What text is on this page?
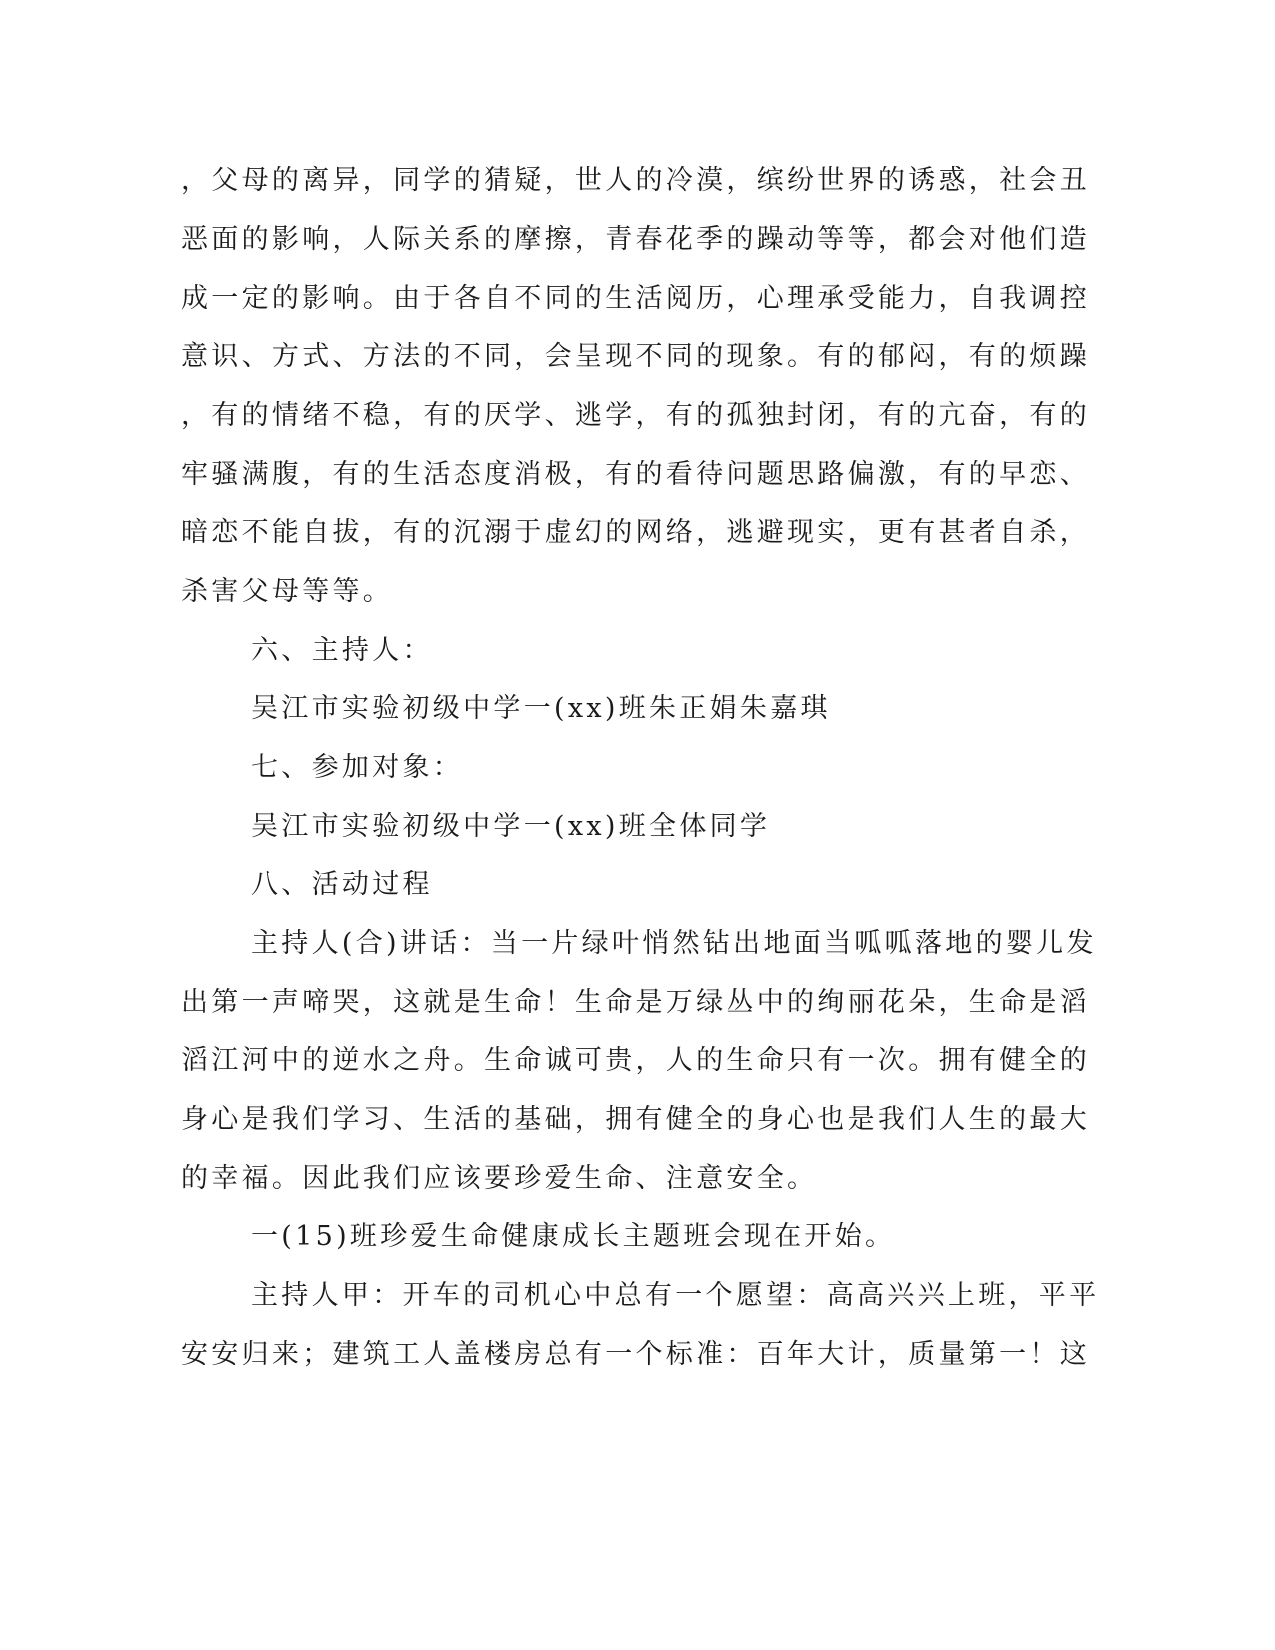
，父母的离异，同学的猜疑，世人的冷漠，缤纷世界的诱惑，社会丑
恶面的影响，人际关系的摩擦，青春花季的躁动等等，都会对他们造
成一定的影响。由于各自不同的生活阅历，心理承受能力，自我调控
意识、方式、方法的不同，会呈现不同的现象。有的郁闷，有的烦躁
，有的情绪不稳，有的厌学、逃学，有的孤独封闭，有的亢奋，有的
牢骚满腹，有的生活态度消极，有的看待问题思路偏激，有的早恋、
暗恋不能自拔，有的沉溺于虚幻的网络，逃避现实，更有甚者自杀，
杀害父母等等。
六、主持人：
吴江市实验初级中学一(xx)班朱正娟朱嘉琪
七、参加对象：
吴江市实验初级中学一(xx)班全体同学
八、活动过程
主持人(合)讲话：当一片绿叶悄然钻出地面当呱呱落地的婴儿发
出第一声啼哭，这就是生命！生命是万绿丛中的绚丽花朵，生命是滔
滔江河中的逆水之舟。生命诚可贵，人的生命只有一次。拥有健全的
身心是我们学习、生活的基础，拥有健全的身心也是我们人生的最大
的幸福。因此我们应该要珍爱生命、注意安全。
一(15)班珍爱生命健康成长主题班会现在开始。
主持人甲：开车的司机心中总有一个愿望：高高兴兴上班，平平
安安归来；建筑工人盖楼房总有一个标准：百年大计，质量第一！这
